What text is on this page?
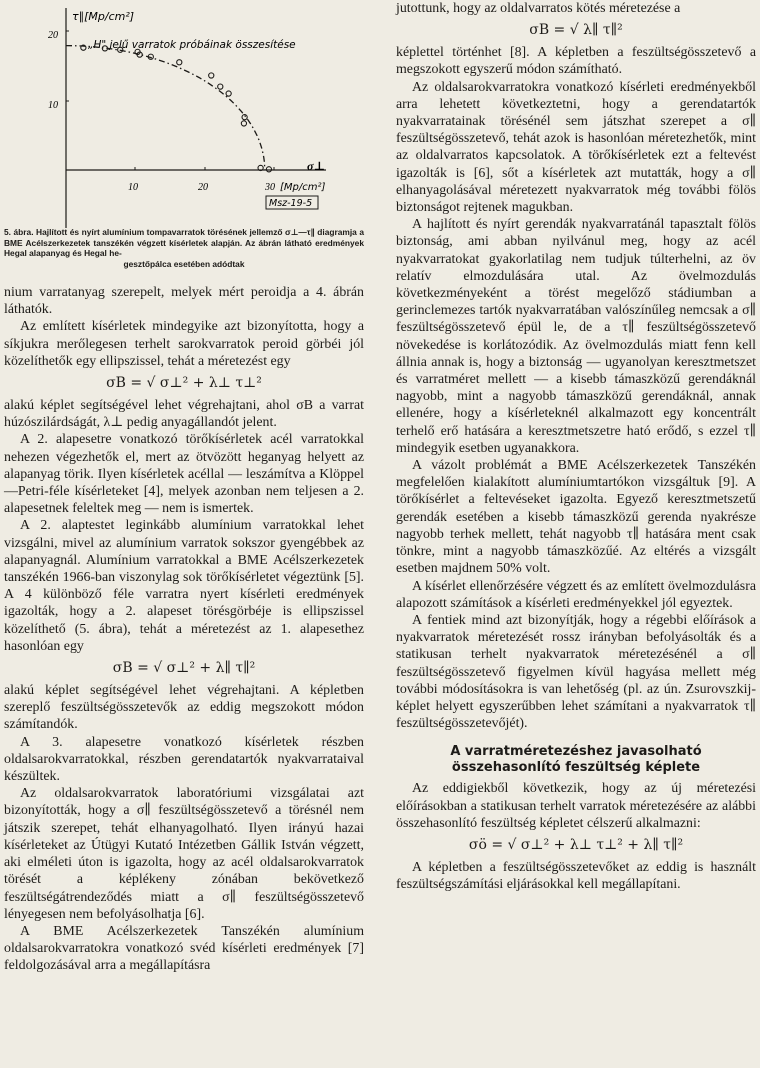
τ∥[Mp/cm²]
„H" jelű varratok próbáinak összesítése
20
10
10	20	30 [Mp/cm²]
σ⊥
Msz-19-5
5. ábra. Hajlított és nyírt alumínium tompavarratok törésének jellemző σ⊥—τ∥ diagramja a BME Acélszerkezetek tanszékén végzett kísérletek alapján. Az ábrán látható eredmények Hegal alapanyag és Hegal he-
gesztőpálca esetében adódtak

nium varratanyag szerepelt, melyek mért peroidja a 4. ábrán láthatók.

Az említett kísérletek mindegyike azt bizonyította, hogy a síkjukra merőlegesen terhelt sarokvarratok peroid görbéi jól közelíthetők egy ellipszissel, tehát a méretezést egy

σB = √ σ⊥² + λ⊥ τ⊥²

alakú képlet segítségével lehet végrehajtani, ahol σB a varrat húzószilárdságát, λ⊥ pedig anyagállandót jelent.

A 2. alapesetre vonatkozó törőkísérletek acél varratokkal nehezen végezhetők el, mert az ötvözött heganyag helyett az alapanyag törik. Ilyen kísérletek acéllal — leszámítva a Klöppel—Petri-féle kísérleteket [4], melyek azonban nem teljesen a 2. alapesetnek feleltek meg — nem is ismertek.

A 2. alaptestet leginkább alumínium varratokkal lehet vizsgálni, mivel az alumínium varratok sokszor gyengébbek az alapanyagnál. Alumínium varratokkal a BME Acélszerkezetek tanszékén 1966-ban viszonylag sok törőkísérletet végeztünk [5]. A 4 különböző féle varratra nyert kísérleti eredmények igazolták, hogy a 2. alapeset törésgörbéje is ellipszissel közelíthető (5. ábra), tehát a méretezést az 1. alapesethez hasonlóan egy

σB = √ σ⊥² + λ∥ τ∥²

alakú képlet segítségével lehet végrehajtani. A képletben szereplő feszültségösszetevők az eddig megszokott módon számítandók.

A 3. alapesetre vonatkozó kísérletek részben oldalsarokvarratokkal, részben gerendatartók nyakvarrataival készültek.

Az oldalsarokvarratok laboratóriumi vizsgálatai azt bizonyították, hogy a σ∥ feszültségösszetevő a törésnél nem játszik szerepet, tehát elhanyagolható. Ilyen irányú hazai kísérleteket az Útügyi Kutató Intézetben Gállik István végzett, aki elméleti úton is igazolta, hogy az acél oldalsarokvarratok törését a képlékeny zónában bekövetkező feszültségátrendeződés miatt a σ∥ feszültségösszetevő lényegesen nem befolyásolhatja [6].

A BME Acélszerkezetek Tanszékén alumínium oldalsarokvarratokra vonatkozó svéd kísérleti eredmények [7] feldolgozásával arra a megállapításra

jutottunk, hogy az oldalvarratos kötés méretezése a

σB = √ λ∥ τ∥²

képlettel történhet [8]. A képletben a feszültségösszetevő a megszokott egyszerű módon számítható.

Az oldalsarokvarratokra vonatkozó kísérleti eredményekből arra lehetett következtetni, hogy a gerendatartók nyakvarratainak törésénél sem játszhat szerepet a σ∥ feszültségösszetevő, tehát azok is hasonlóan méretezhetők, mint az oldalvarratos kapcsolatok. A törőkísérletek ezt a feltevést igazolták is [6], sőt a kísérletek azt mutatták, hogy a σ∥ elhanyagolásával méretezett nyakvarratok még további fölös biztonságot rejtenek magukban.

A hajlított és nyírt gerendák nyakvarratánál tapasztalt fölös biztonság, ami abban nyilvánul meg, hogy az acél nyakvarratokat gyakorlatilag nem tudjuk túlterhelni, az öv relatív elmozdulására utal. Az övelmozdulás következményeként a törést megelőző stádiumban a gerinclemezes tartók nyakvarratában valószínűleg nemcsak a σ∥ feszültségösszetevő épül le, de a τ∥ feszültségösszetevő növekedése is korlátozódik. Az övelmozdulás miatt fenn kell állnia annak is, hogy a biztonság — ugyanolyan keresztmetszet és varratméret mellett — a kisebb támaszközű gerendáknál nagyobb, mint a nagyobb támaszközű gerendáknál, annak ellenére, hogy a kísérleteknél alkalmazott egy koncentrált terhelő erő hatására a keresztmetszetre ható erődő, s ezzel τ∥ mindegyik esetben ugyanakkora.

A vázolt problémát a BME Acélszerkezetek Tanszékén megfelelően kialakított alumíniumtartókon vizsgáltuk [9]. A törőkísérlet a feltevéseket igazolta. Egyező keresztmetszetű gerendák esetében a kisebb támaszközű gerenda nyakrésze nagyobb terhek mellett, tehát nagyobb τ∥ hatására ment csak tönkre, mint a nagyobb támaszközűé. Az eltérés a vizsgált esetben majdnem 50% volt.

A kísérlet ellenőrzésére végzett és az említett övelmozdulásra alapozott számítások a kísérleti eredményekkel jól egyeztek.

A fentiek mind azt bizonyítják, hogy a régebbi előírások a nyakvarratok méretezését rossz irányban befolyásolták és a statikusan terhelt nyakvarratok méretezésénél a σ∥ feszültségösszetevő figyelmen kívül hagyása mellett még további módosításokra is van lehetőség (pl. az ún. Zsurovszkij-képlet helyett egyszerűbben lehet számítani a nyakvarratok τ∥ feszültségösszetevőjét).

A varratméretezéshez javasolható összehasonlító feszültség képlete

Az eddigiekből következik, hogy az új méretezési előírásokban a statikusan terhelt varratok méretezésére az alábbi összehasonlító feszültség képletet célszerű alkalmazni:

σö = √ σ⊥² + λ⊥ τ⊥² + λ∥ τ∥²

A képletben a feszültségösszetevőket az eddig is használt feszültségszámítási eljárásokkal kell megállapítani.
